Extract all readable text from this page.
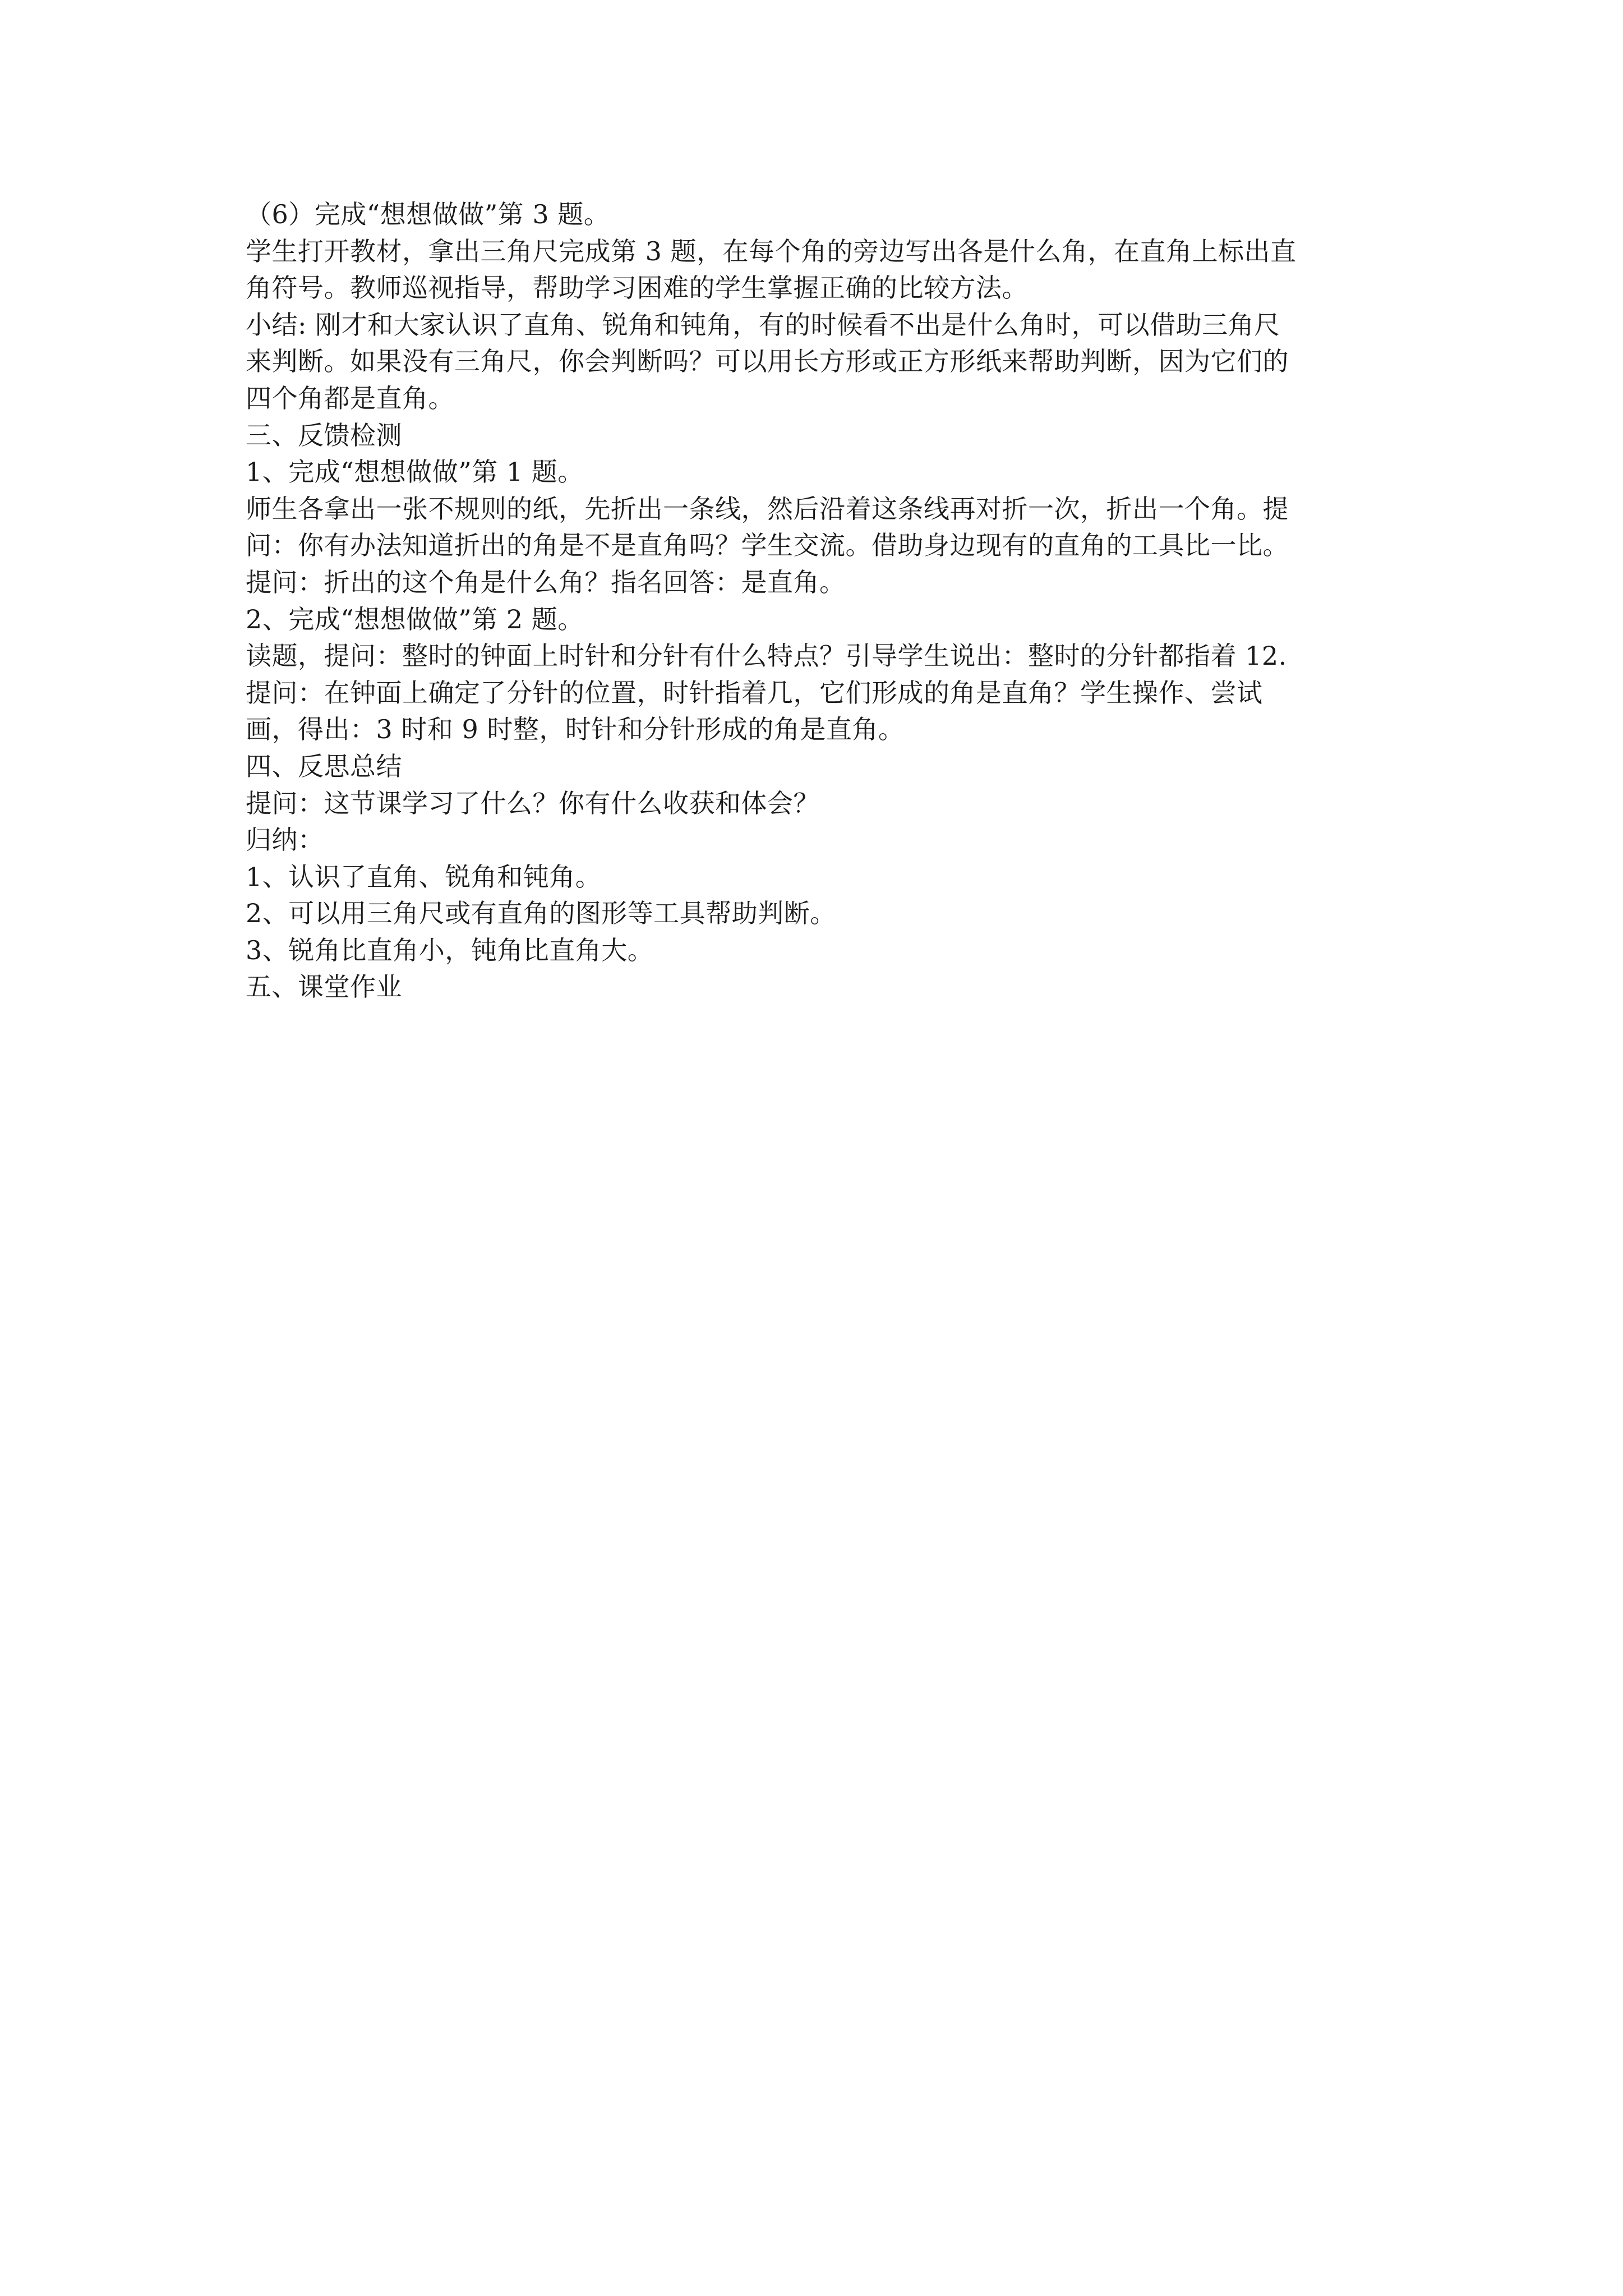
（6）完成“想想做做”第 3 题。
学生打开教材，拿出三角尺完成第 3 题，在每个角的旁边写出各是什么角，在直角上标出直
角符号。教师巡视指导，帮助学习困难的学生掌握正确的比较方法。
小结: 刚才和大家认识了直角、锐角和钝角，有的时候看不出是什么角时，可以借助三角尺
来判断。如果没有三角尺，你会判断吗？可以用长方形或正方形纸来帮助判断，因为它们的
四个角都是直角。
三、反馈检测
1、完成“想想做做”第 1 题。
师生各拿出一张不规则的纸，先折出一条线，然后沿着这条线再对折一次，折出一个角。提
问：你有办法知道折出的角是不是直角吗？学生交流。借助身边现有的直角的工具比一比。
提问：折出的这个角是什么角？指名回答：是直角。
2、完成“想想做做”第 2 题。
读题，提问：整时的钟面上时针和分针有什么特点？引导学生说出：整时的分针都指着 12.
提问：在钟面上确定了分针的位置，时针指着几，它们形成的角是直角？学生操作、尝试
画，得出：3 时和 9 时整，时针和分针形成的角是直角。
四、反思总结
提问：这节课学习了什么？你有什么收获和体会？
归纳：
1、认识了直角、锐角和钝角。
2、可以用三角尺或有直角的图形等工具帮助判断。
3、锐角比直角小，钝角比直角大。
五、课堂作业
